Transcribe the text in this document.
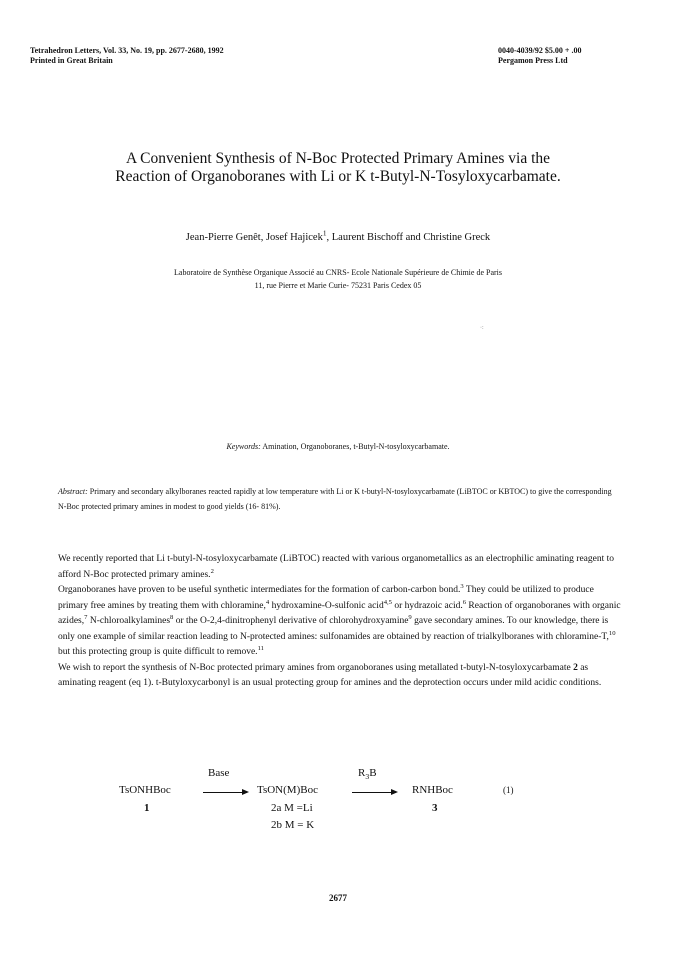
Tetrahedron Letters, Vol. 33, No. 19, pp. 2677-2680, 1992
Printed in Great Britain
0040-4039/92 $5.00 + .00
Pergamon Press Ltd
A Convenient Synthesis of N-Boc Protected Primary Amines via the
Reaction of Organoboranes with Li or K t-Butyl-N-Tosyloxycarbamate.
Jean-Pierre Genêt, Josef Hajicek$^1$, Laurent Bischoff and Christine Greck
Laboratoire de Synthèse Organique Associé au CNRS- Ecole Nationale Supérieure de Chimie de Paris
11, rue Pierre et Marie Curie- 75231 Paris Cedex 05
·:
Keywords: Amination, Organoboranes, t-Butyl-N-tosyloxycarbamate.
Abstract: Primary and secondary alkylboranes reacted rapidly at low temperature with Li or K t-butyl-N-tosyloxycarbamate (LiBTOC or KBTOC) to give the corresponding N-Boc protected primary amines in modest to good yields (16- 81%).

We recently reported that Li t-butyl-N-tosyloxycarbamate (LiBTOC) reacted with various organometallics as an electrophilic aminating reagent to afford N-Boc protected primary amines.$^2$

Organoboranes have proven to be useful synthetic intermediates for the formation of carbon-carbon bond.$^3$ They could be utilized to produce primary free amines by treating them with chloramine,$^4$ hydroxamine-O-sulfonic acid$^{4,5}$ or hydrazoic acid.$^6$ Reaction of organoboranes with organic azides,$^7$ N-chloroalkylamines$^8$ or the O-2,4-dinitrophenyl derivative of chlorohydroxyamine$^9$ gave secondary amines. To our knowledge, there is only one example of similar reaction leading to N-protected amines: sulfonamides are obtained by reaction of trialkylboranes with chloramine-T,$^{10}$ but this protecting group is quite difficult to remove.$^{11}$

We wish to report the synthesis of N-Boc protected primary amines from organoboranes using metallated t-butyl-N-tosyloxycarbamate 2 as aminating reagent (eq 1). t-Butyloxycarbonyl is an usual protecting group for amines and the deprotection occurs under mild acidic conditions.

TsONHBoc
1
Base
→ TsON(M)Boc
2a M =Li
2b M = K
$R_3B$
→ RNHBoc
3
(1)
2677
